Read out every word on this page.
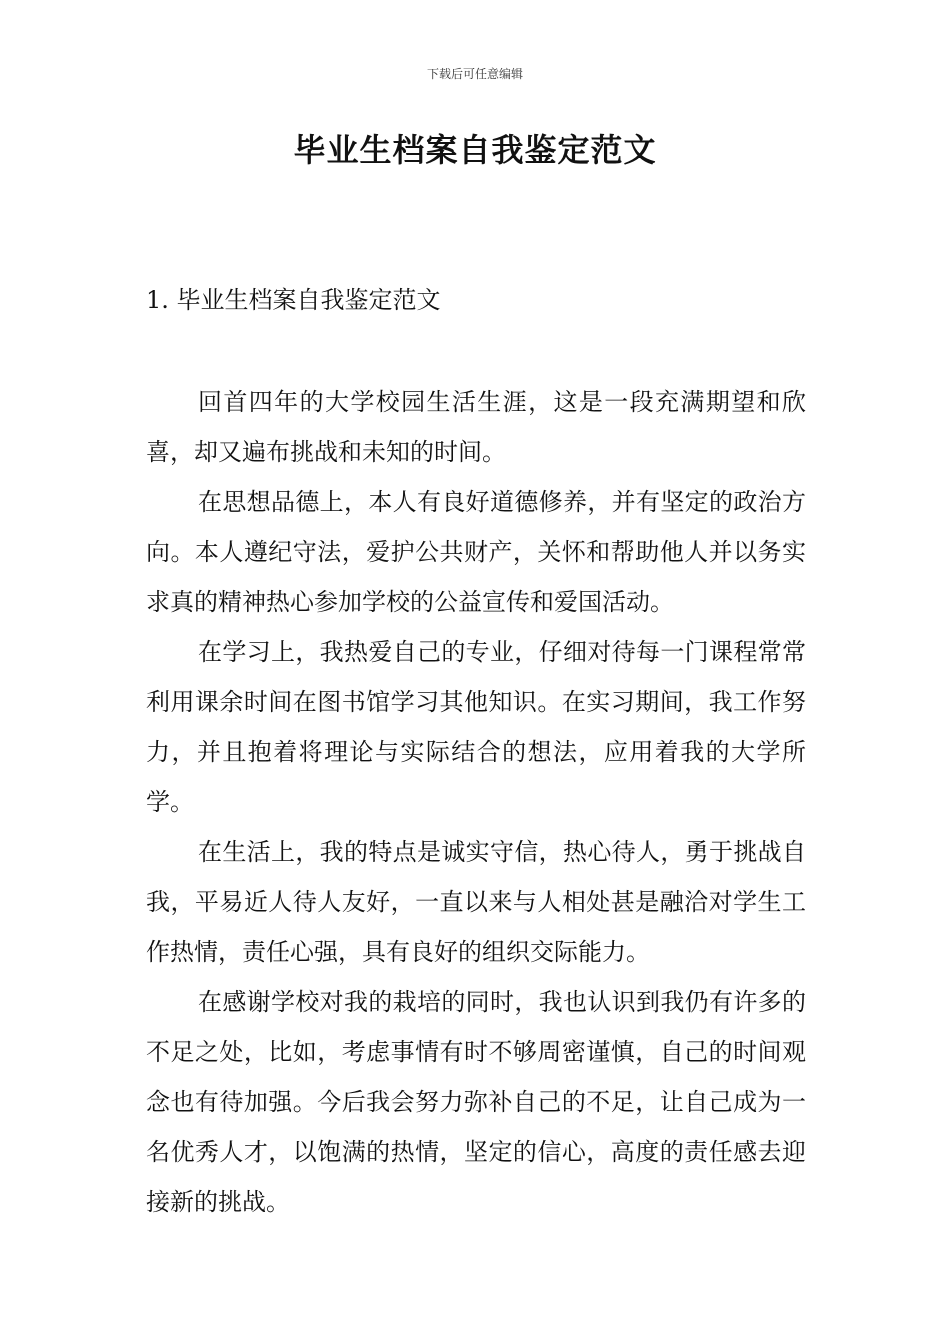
下载后可任意编辑
毕业生档案自我鉴定范文
1. 毕业生档案自我鉴定范文

回首四年的大学校园生活生涯，这是一段充满期望和欣喜，却又遍布挑战和未知的时间。

在思想品德上，本人有良好道德修养，并有坚定的政治方向。本人遵纪守法，爱护公共财产，关怀和帮助他人并以务实求真的精神热心参加学校的公益宣传和爱国活动。

在学习上，我热爱自己的专业，仔细对待每一门课程常常利用课余时间在图书馆学习其他知识。在实习期间，我工作努力，并且抱着将理论与实际结合的想法，应用着我的大学所学。

在生活上，我的特点是诚实守信，热心待人，勇于挑战自我，平易近人待人友好，一直以来与人相处甚是融洽对学生工作热情，责任心强，具有良好的组织交际能力。

在感谢学校对我的栽培的同时，我也认识到我仍有许多的不足之处，比如，考虑事情有时不够周密谨慎，自己的时间观念也有待加强。今后我会努力弥补自己的不足，让自己成为一名优秀人才，以饱满的热情，坚定的信心，高度的责任感去迎接新的挑战。
